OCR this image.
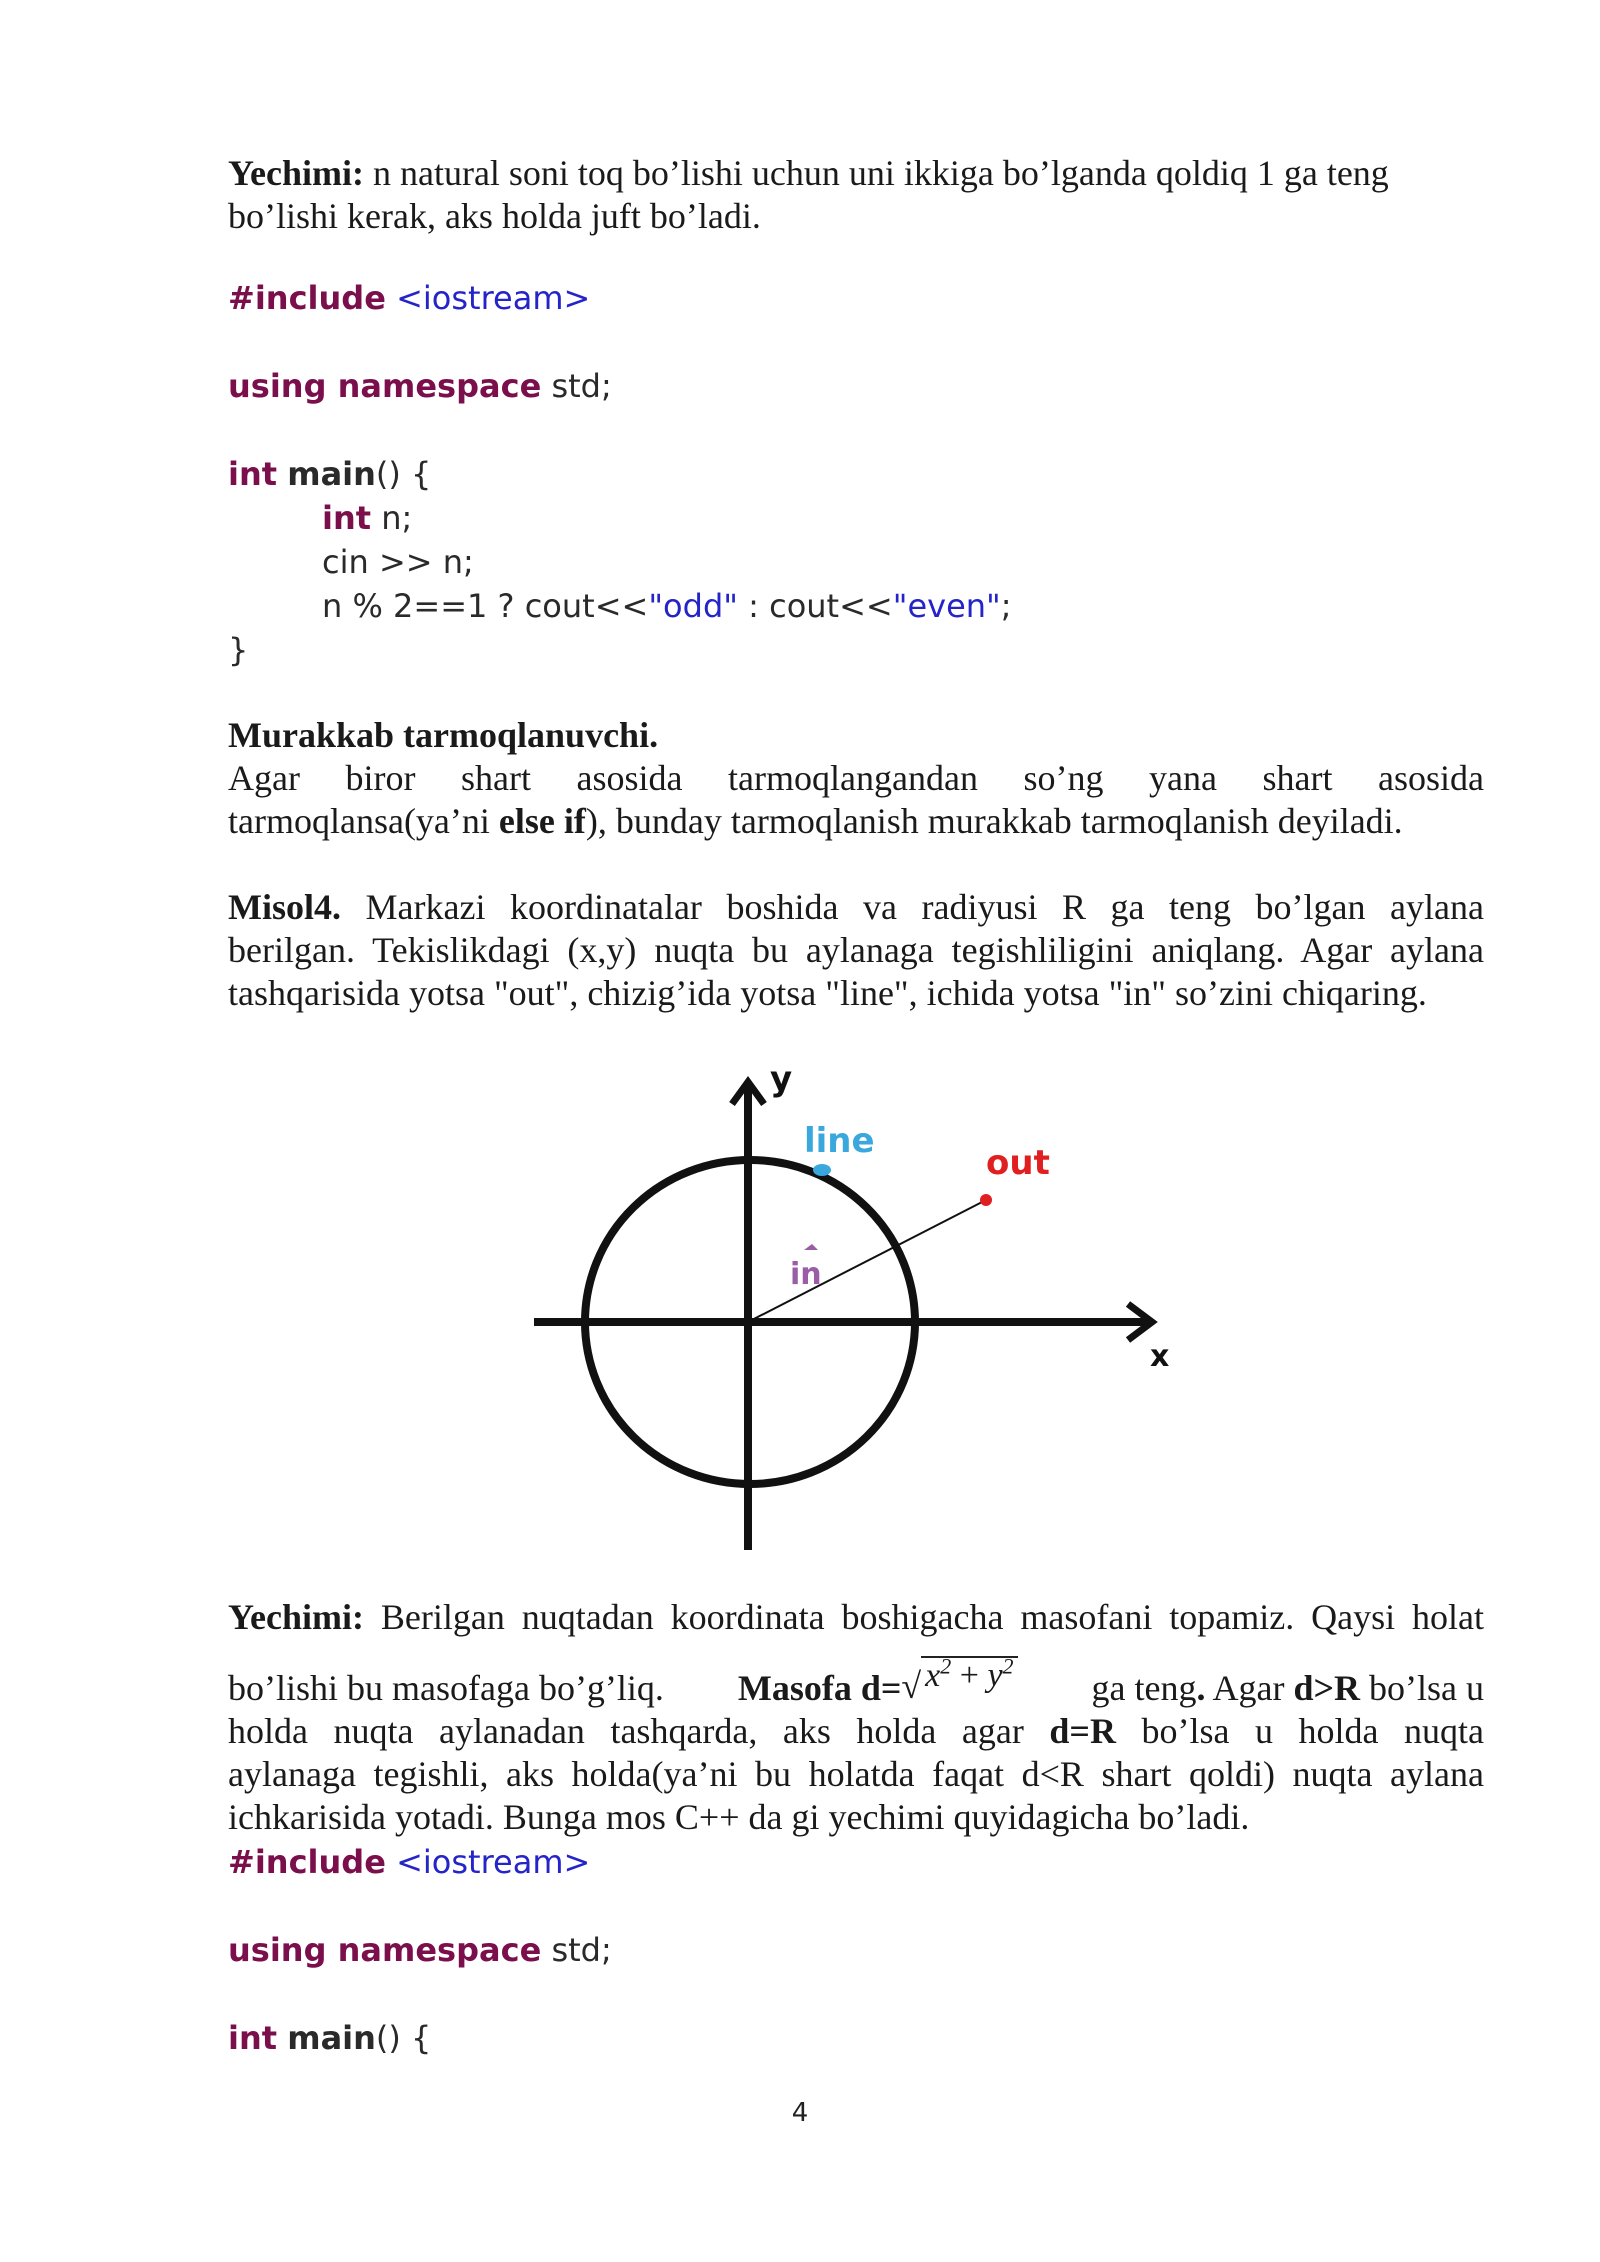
Yechimi: n natural soni toq bo’lishi uchun uni ikkiga bo’lganda qoldiq 1 ga teng
bo’lishi kerak, aks holda juft bo’ladi.
#include <iostream>
using namespace std;
int main() {
int n;
cin >> n;
n % 2==1 ? cout<<"odd" : cout<<"even";
}
Murakkab tarmoqlanuvchi.
Agar biror shart asosida tarmoqlangandan so’ng yana shart asosida
tarmoqlansa(ya’ni else if), bunday tarmoqlanish murakkab tarmoqlanish deyiladi.
Misol4. Markazi koordinatalar boshida va radiyusi R ga teng bo’lgan aylana
berilgan. Tekislikdagi (x,y) nuqta bu aylanaga tegishliligini aniqlang. Agar aylana
tashqarisida yotsa "out", chizig’ida yotsa "line", ichida yotsa "in" so’zini chiqaring.
y
x
line
out
in
Yechimi: Berilgan nuqtadan koordinata boshigacha masofani topamiz. Qaysi holat
bo’lishi bu masofaga bo’g’liq. Masofa d=√ $x^2 + y^2$
ga teng. Agar d>R bo’lsa u
holda nuqta aylanadan tashqarda, aks holda agar d=R bo’lsa u holda nuqta
aylanaga tegishli, aks holda(ya’ni bu holatda faqat d<R shart qoldi) nuqta aylana
ichkarisida yotadi. Bunga mos C++ da gi yechimi quyidagicha bo’ladi.
#include <iostream>
using namespace std;
int main() {
4
